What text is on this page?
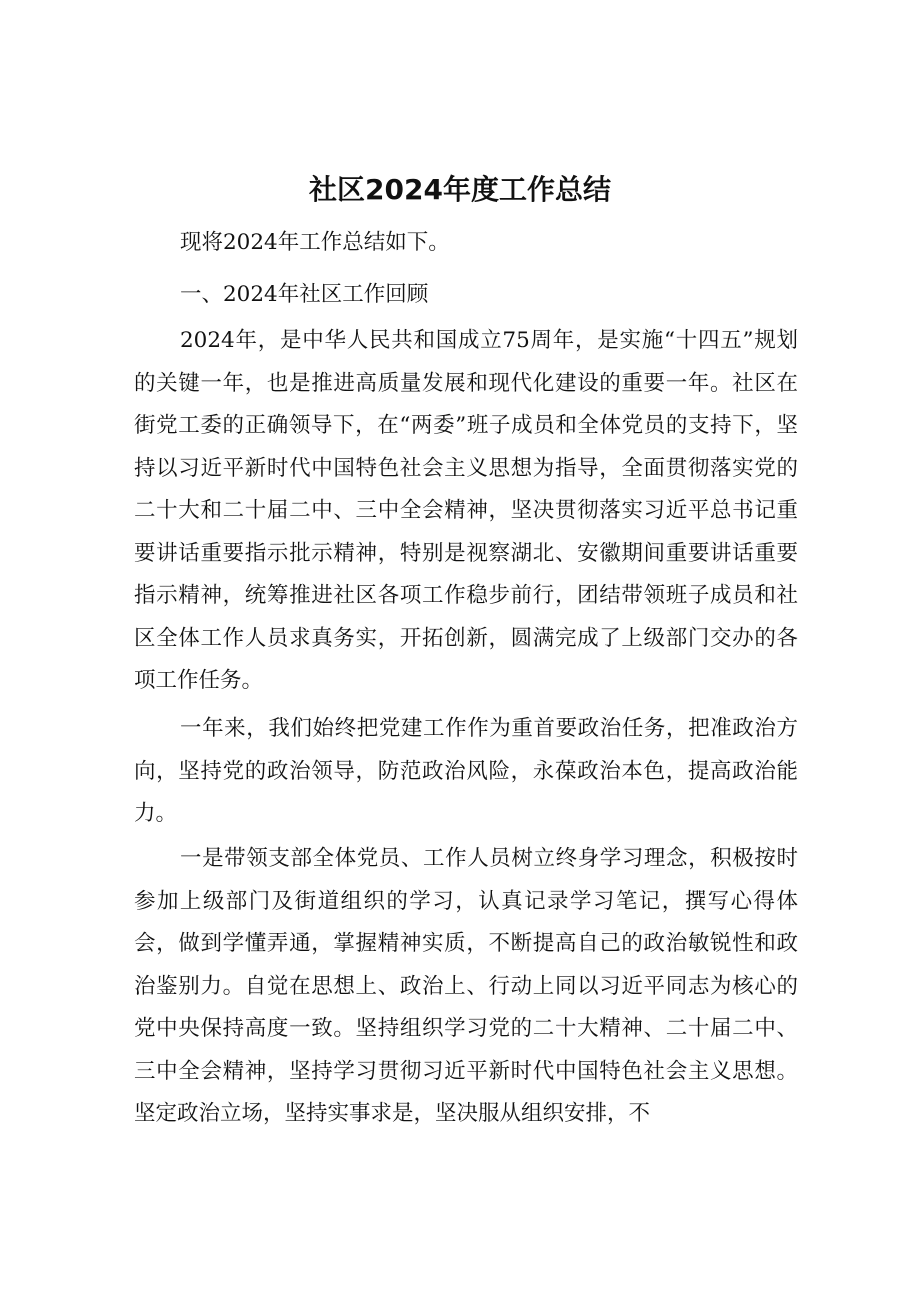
社区2024年度工作总结
现将2024年工作总结如下。
一、2024年社区工作回顾
2024年，是中华人民共和国成立75周年，是实施“十四五”规划的关键一年，也是推进高质量发展和现代化建设的重要一年。社区在街党工委的正确领导下，在“两委”班子成员和全体党员的支持下，坚持以习近平新时代中国特色社会主义思想为指导，全面贯彻落实党的二十大和二十届二中、三中全会精神，坚决贯彻落实习近平总书记重要讲话重要指示批示精神，特别是视察湖北、安徽期间重要讲话重要指示精神，统筹推进社区各项工作稳步前行，团结带领班子成员和社区全体工作人员求真务实，开拓创新，圆满完成了上级部门交办的各项工作任务。
一年来，我们始终把党建工作作为重首要政治任务，把准政治方向，坚持党的政治领导，防范政治风险，永葆政治本色，提高政治能力。
一是带领支部全体党员、工作人员树立终身学习理念，积极按时参加上级部门及街道组织的学习，认真记录学习笔记，撰写心得体会，做到学懂弄通，掌握精神实质，不断提高自己的政治敏锐性和政治鉴别力。自觉在思想上、政治上、行动上同以习近平同志为核心的党中央保持高度一致。坚持组织学习党的二十大精神、二十届二中、三中全会精神，坚持学习贯彻习近平新时代中国特色社会主义思想。坚定政治立场，坚持实事求是，坚决服从组织安排，不
